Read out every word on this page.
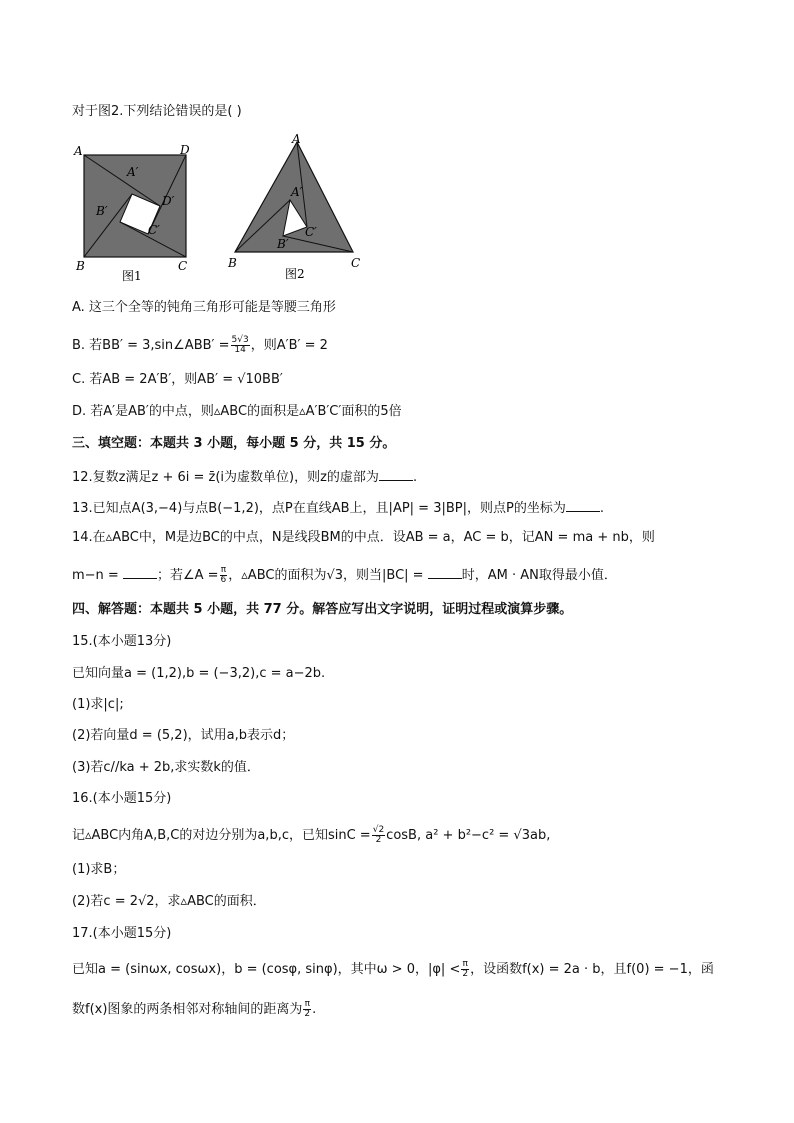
对于图2.下列结论错误的是( )
A	D
B	C
A′
D′
B′
C′
图1
A
B	C
A′
B′
C′
图2
A. 这三个全等的钝角三角形可能是等腰三角形
B. 若BB′ = 3,sin∠ABB′ = $\frac{5√3}{14}$ ，则A′B′ = 2
C. 若AB = 2A′B′，则AB′ = √10BB′
D. 若A′是AB′的中点，则▵ABC的面积是▵A′B′C′面积的5倍
三、填空题：本题共 3 小题，每小题 5 分，共 15 分。
12.复数z满足z + 6i = z̄(i为虚数单位)，则z的虚部为	.
13.已知点A(3,−4)与点B(−1,2)，点P在直线AB上，且|AP| = 3|BP|，则点P的坐标为	.
14.在▵ABC中，M是边BC的中点，N是线段BM的中点．设AB = a，AC = b，记AN = ma + nb，则
m−n =	；若∠A = $\frac{\pi}{6}$ ，▵ABC的面积为√3，则当|BC| =	时，AM · AN取得最小值．
四、解答题：本题共 5 小题，共 77 分。解答应写出文字说明，证明过程或演算步骤。
15.(本小题13分)
已知向量a = (1,2),b = (−3,2),c = a−2b.
(1)求|c|;
(2)若向量d = (5,2)，试用a,b表示d；
(3)若c//ka + 2b,求实数k的值．
16.(本小题15分)
记▵ABC内角A,B,C的对边分别为a,b,c，已知$\sin C = \frac{√2}{2} \cos B$, a² + b²−c² = √3ab,
(1)求B；
(2)若c = 2√2，求▵ABC的面积．
17.(本小题15分)
已知a = (sinωx, cosωx)，b = (cosφ, sinφ)，其中ω > 0，$|\varphi| < \frac{\pi}{2}$ ，设函数f(x) = 2a · b，且f(0) = −1，函
数f(x)图象的两条相邻对称轴间的距离为 $\frac{\pi}{2}$ .
